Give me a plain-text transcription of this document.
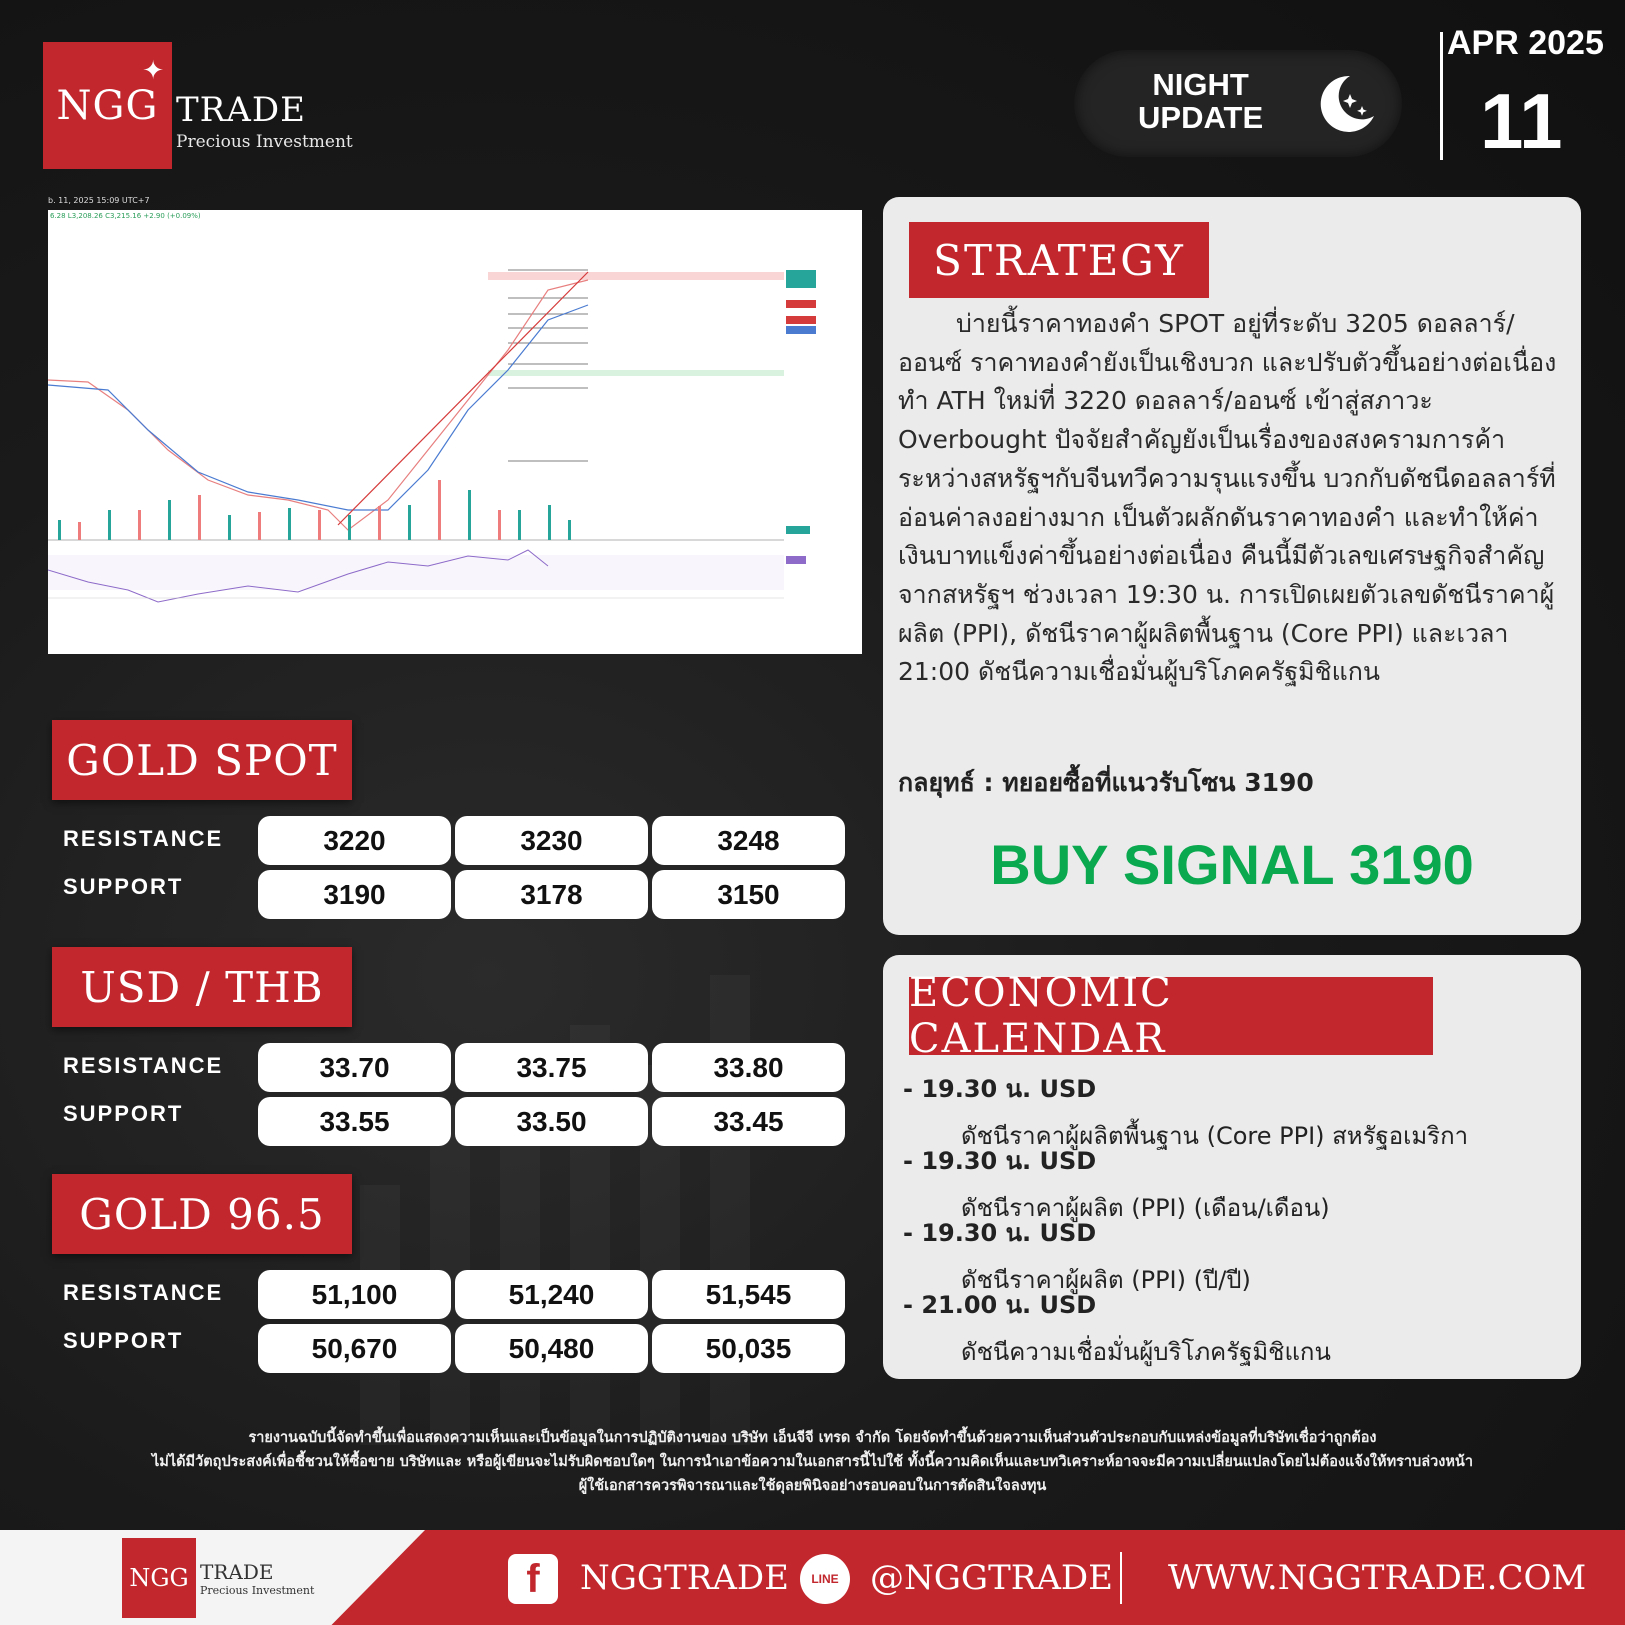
NGG
✦
TRADE
Precious Investment
NIGHT
UPDATE
APR 2025
11
b. 11, 2025 15:09 UTC+7
6.28 L3,208.26 C3,215.16 +2.90 (+0.09%)
GOLD SPOT
RESISTANCE
SUPPORT
3220	3230	3248
3190	3178	3150
USD / THB
RESISTANCE
SUPPORT
33.70	33.75	33.80
33.55	33.50	33.45
GOLD 96.5
RESISTANCE
SUPPORT
51,100	51,240	51,545
50,670	50,480	50,035
STRATEGY
บ่ายนี้ราคาทองคำ SPOT อยู่ที่ระดับ 3205 ดอลลาร์/ออนซ์ ราคาทองคำยังเป็นเชิงบวก และปรับตัวขึ้นอย่างต่อเนื่อง ทำ ATH ใหม่ที่ 3220 ดอลลาร์/ออนซ์ เข้าสู่สภาวะ Overbought ปัจจัยสำคัญยังเป็นเรื่องของสงครามการค้าระหว่างสหรัฐฯกับจีนทวีความรุนแรงขึ้น บวกกับดัชนีดอลลาร์ที่อ่อนค่าลงอย่างมาก เป็นตัวผลักดันราคาทองคำ และทำให้ค่าเงินบาทแข็งค่าขึ้นอย่างต่อเนื่อง คืนนี้มีตัวเลขเศรษฐกิจสำคัญจากสหรัฐฯ ช่วงเวลา 19:30 น. การเปิดเผยตัวเลขดัชนีราคาผู้ผลิต (PPI), ดัชนีราคาผู้ผลิตพื้นฐาน (Core PPI) และเวลา 21:00 ดัชนีความเชื่อมั่นผู้บริโภคครัฐมิชิแกน
กลยุทธ์ : ทยอยซื้อที่แนวรับโซน 3190
BUY SIGNAL 3190
ECONOMIC CALENDAR
- 19.30 น. USD
ดัชนีราคาผู้ผลิตพื้นฐาน (Core PPI) สหรัฐอเมริกา
- 19.30 น. USD
ดัชนีราคาผู้ผลิต (PPI) (เดือน/เดือน)
- 19.30 น. USD
ดัชนีราคาผู้ผลิต (PPI) (ปี/ปี)
- 21.00 น. USD
ดัชนีความเชื่อมั่นผู้บริโภครัฐมิชิแกน
รายงานฉบับนี้จัดทำขึ้นเพื่อแสดงความเห็นและเป็นข้อมูลในการปฏิบัติงานของ บริษัท เอ็นจีจี เทรด จำกัด โดยจัดทำขึ้นด้วยความเห็นส่วนตัวประกอบกับแหล่งข้อมูลที่บริษัทเชื่อว่าถูกต้อง
ไม่ได้มีวัตถุประสงค์เพื่อชี้ชวนให้ซื้อขาย บริษัทและ หรือผู้เขียนจะไม่รับผิดชอบใดๆ ในการนำเอาข้อความในเอกสารนี้ไปใช้ ทั้งนี้ความคิดเห็นและบทวิเคราะห์อาจจะมีความเปลี่ยนแปลงโดยไม่ต้องแจ้งให้ทราบล่วงหน้า
ผู้ใช้เอกสารควรพิจารณาและใช้ดุลยพินิจอย่างรอบคอบในการตัดสินใจลงทุน
NGG TRADE
Precious Investment	f	NGGTRADE	LINE @NGGTRADE WWW.NGGTRADE.COM
